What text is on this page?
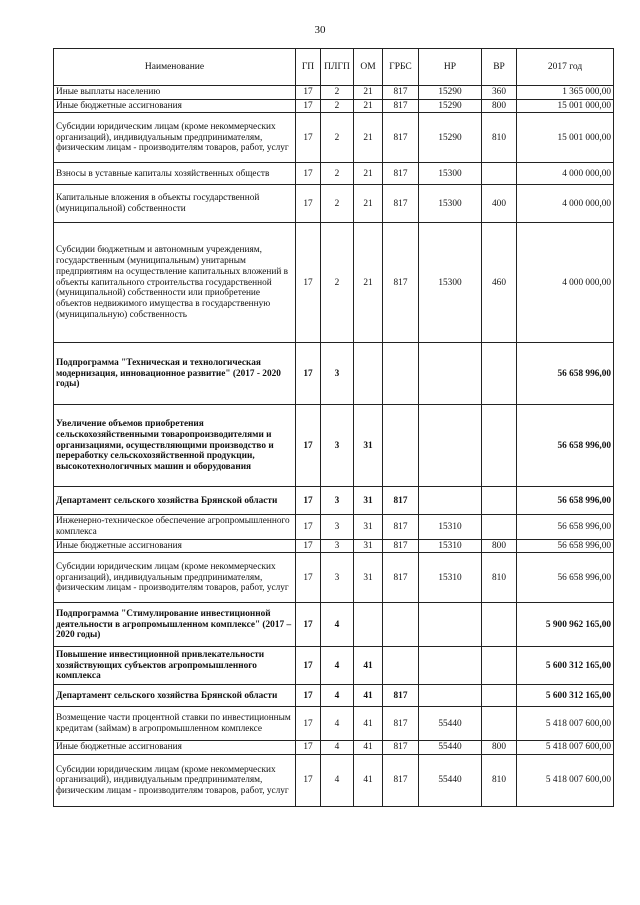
30
Наименование	ГП	ПЛГП	ОМ	ГРБС	НР	ВР	2017 год
Иные выплаты населению	17	2	21	817	15290	360	1 365 000,00
Иные бюджетные ассигнования	17	2	21	817	15290	800	15 001 000,00
Субсидии юридическим лицам (кроме некоммерческих организаций), индивидуальным предпринимателям, физическим лицам - производителям товаров, работ, услуг	17	2	21	817	15290	810	15 001 000,00
Взносы в уставные капиталы хозяйственных обществ	17	2	21	817	15300		4 000 000,00
Капитальные вложения в объекты государственной (муниципальной) собственности	17	2	21	817	15300	400	4 000 000,00
Субсидии бюджетным и автономным учреждениям, государственным (муниципальным) унитарным предприятиям на осуществление капитальных вложений в объекты капитального строительства государственной (муниципальной) собственности или приобретение объектов недвижимого имущества в государственную (муниципальную) собственность	17	2	21	817	15300	460	4 000 000,00
Подпрограмма "Техническая и технологическая модернизация, инновационное развитие" (2017 - 2020 годы)	17	3					56 658 996,00
Увеличение объемов приобретения сельскохозяйственными товаропроизводителями и организациями, осуществляющими производство и переработку сельскохозяйственной продукции, высокотехнологичных машин и оборудования	17	3	31				56 658 996,00
Департамент сельского хозяйства Брянской области	17	3	31	817			56 658 996,00
Инженерно-техническое обеспечение агропромышленного комплекса	17	3	31	817	15310		56 658 996,00
Иные бюджетные ассигнования	17	3	31	817	15310	800	56 658 996,00
Субсидии юридическим лицам (кроме некоммерческих организаций), индивидуальным предпринимателям, физическим лицам - производителям товаров, работ, услуг	17	3	31	817	15310	810	56 658 996,00
Подпрограмма "Стимулирование инвестиционной деятельности в агропромышленном комплексе" (2017 – 2020 годы)	17	4					5 900 962 165,00
Повышение инвестиционной привлекательности хозяйствующих субъектов агропромышленного комплекса	17	4	41				5 600 312 165,00
Департамент сельского хозяйства Брянской области	17	4	41	817			5 600 312 165,00
Возмещение части процентной ставки по инвестиционным кредитам (займам) в агропромышленном комплексе	17	4	41	817	55440		5 418 007 600,00
Иные бюджетные ассигнования	17	4	41	817	55440	800	5 418 007 600,00
Субсидии юридическим лицам (кроме некоммерческих организаций), индивидуальным предпринимателям, физическим лицам - производителям товаров, работ, услуг	17	4	41	817	55440	810	5 418 007 600,00
